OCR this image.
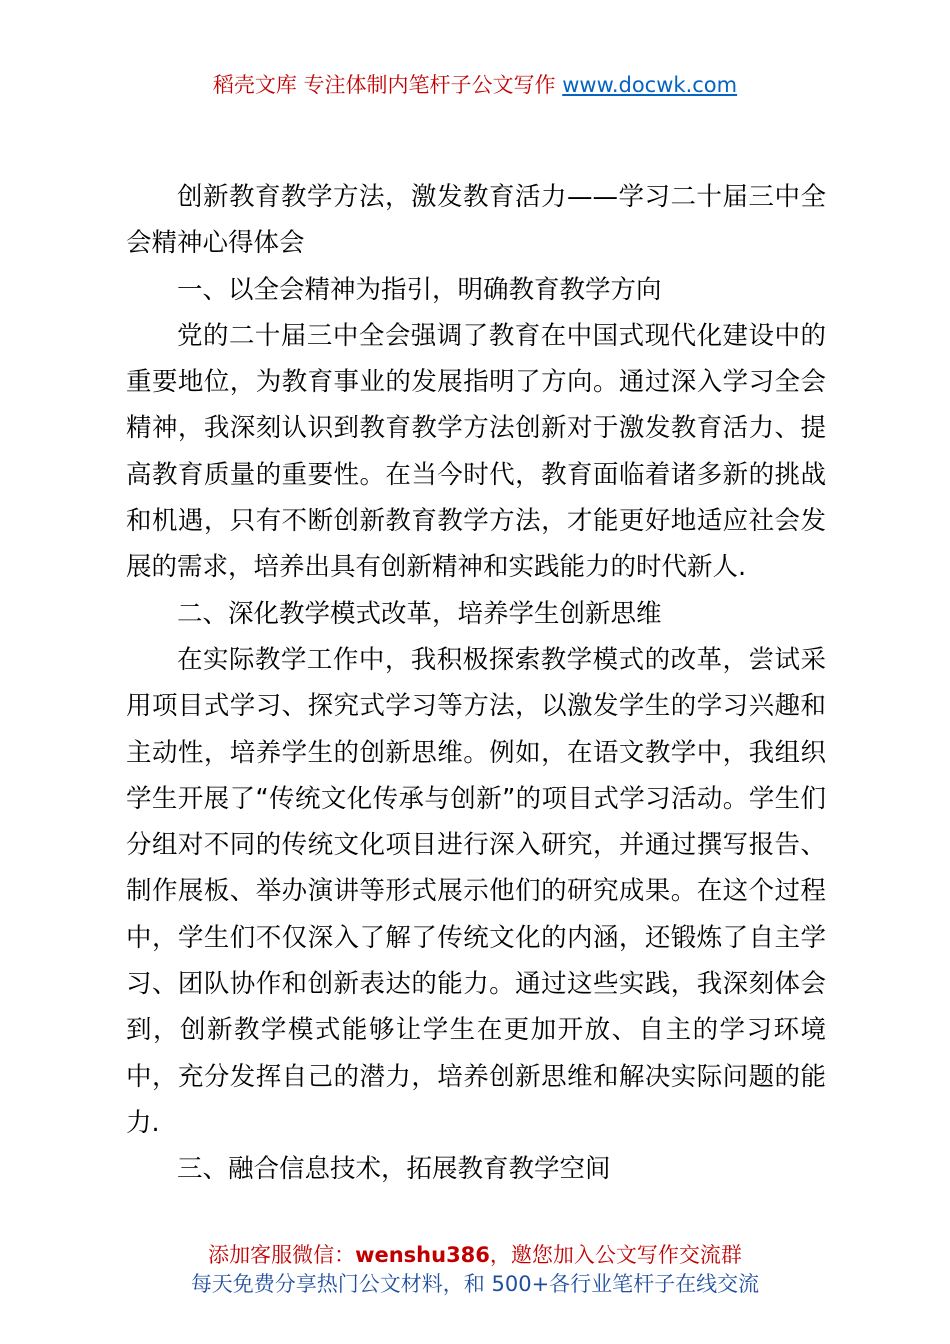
稻壳文库 专注体制内笔杆子公文写作 www.docwk.com

创新教育教学方法，激发教育活力——学习二十届三中全会精神心得体会

一、以全会精神为指引，明确教育教学方向

党的二十届三中全会强调了教育在中国式现代化建设中的重要地位，为教育事业的发展指明了方向。通过深入学习全会精神，我深刻认识到教育教学方法创新对于激发教育活力、提高教育质量的重要性。在当今时代，教育面临着诸多新的挑战和机遇，只有不断创新教育教学方法，才能更好地适应社会发展的需求，培养出具有创新精神和实践能力的时代新人.

二、深化教学模式改革，培养学生创新思维

在实际教学工作中，我积极探索教学模式的改革，尝试采用项目式学习、探究式学习等方法，以激发学生的学习兴趣和主动性，培养学生的创新思维。例如，在语文教学中，我组织学生开展了“传统文化传承与创新”的项目式学习活动。学生们分组对不同的传统文化项目进行深入研究，并通过撰写报告、制作展板、举办演讲等形式展示他们的研究成果。在这个过程中，学生们不仅深入了解了传统文化的内涵，还锻炼了自主学习、团队协作和创新表达的能力。通过这些实践，我深刻体会到，创新教学模式能够让学生在更加开放、自主的学习环境中，充分发挥自己的潜力，培养创新思维和解决实际问题的能力.

三、融合信息技术，拓展教育教学空间

添加客服微信：wenshu386，邀您加入公文写作交流群
每天免费分享热门公文材料，和 500+各行业笔杆子在线交流
